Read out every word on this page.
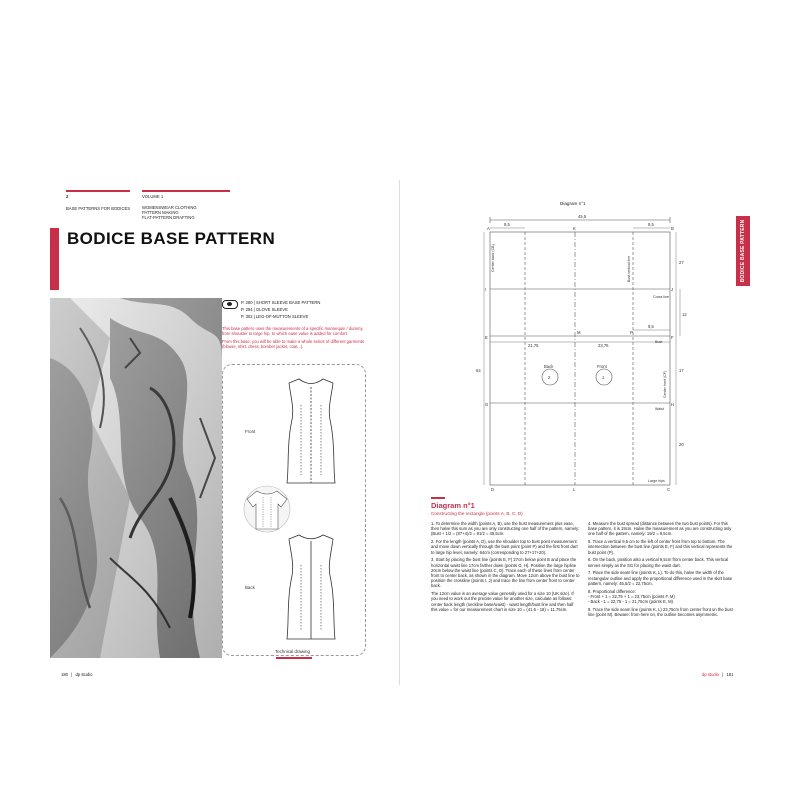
2
BASE PATTERNS FOR BODICES
VOLUME 1
WOMENSWEAR CLOTHING
PATTERN MAKING
FLAT-PATTERN DRAFTING
BODICE BASE PATTERN
P. 280 | SHORT SLEEVE BASE PATTERN
P. 294 | GLOVE SLEEVE
P. 302 | LEG-OF-MUTTON SLEEVE

This base pattern uses the measurements of a specific mannequin / dummy, from shoulder to large hip, to which ease value is added for comfort.

From this base, you will be able to make a whole series of different garments (blouse, shirt, dress, bomber jacket, coat...).

Front
Back
Technical drawing
180 | dp studio
BODICE BASE PATTERN
Diagram n°1
45,5
9,5	9,5
21,75	23,75
9,5
27
12
17
20
64
A	K	B
I	J
E
M	P
F
G	H
D	L	C
Cross line
Bust
Waist
Large hips
Back	Front
2	1
Center back (CB)	Bust vertical line
Center front (CF)
Diagram n°1
Constructing the rectangle (points A, B, C, D)

1. To determine the width (points A, B), use the bust measurement plus ease, then halve this sum as you are only constructing one half of the pattern, namely: (Bust + 1/2 = (87+4)/2 = 91/2 = 45,5cm.

2. For the length (points A, D), use the shoulder top to bust point measurement and move down vertically through the bust point (point P) and the first front dart to large hip level, namely: 64cm (corresponding to 27+17+20).

3. Start by placing the bust line (points E, F) 27cm below point B and place the horizontal waist line 17cm farther down (points G, H). Position the large hipline 20cm below the waist line (points C, D). Trace each of these lines from center front to center back, as shown in the diagram. Move 12cm above the bust line to position the crossline (points I, J) and trace the line from center front to center back.

The 12cm value is an average value generally used for a size 10 (UK size). If you need to work out the precise value for another size, calculate as follows: center back length (neckline base/waist) - waist length/bust line and then half this value = for our measurement chart in size 10 = (41.5 - 18) = 11.75cm.

4. Measure the bust spread (distance between the two bust points). For this base pattern, it is 19cm. Halve the measurement as you are constructing only one half of the pattern, namely: 19/2 = 9,5cm.

5. Trace a vertical 9,5 cm to the left of center front from top to bottom. The intersection between the bust line (points E, F) and this vertical represents the bust point (P).

6. On the back, position also a vertical 9,5cm from center back. This vertical serves simply as the SG for placing the waist dart.

7. Place the side seam line (points K, L). To do this, halve the width of the rectangular outline and apply the proportional difference used in the skirt base pattern, namely: 45,5/2 = 22,75cm.

8. Proportional difference:

- Front + 1 = 22,75 + 1 = 23,75cm (points F, M)

- Back - 1 = 22,75 - 1 = 21,75cm (points E, M).

9. Trace the side seam line (points K, L) 23,75cm from center front on the bust line (point M). Beware: from here on, the outline becomes asymmetric.

dp studio | 181
